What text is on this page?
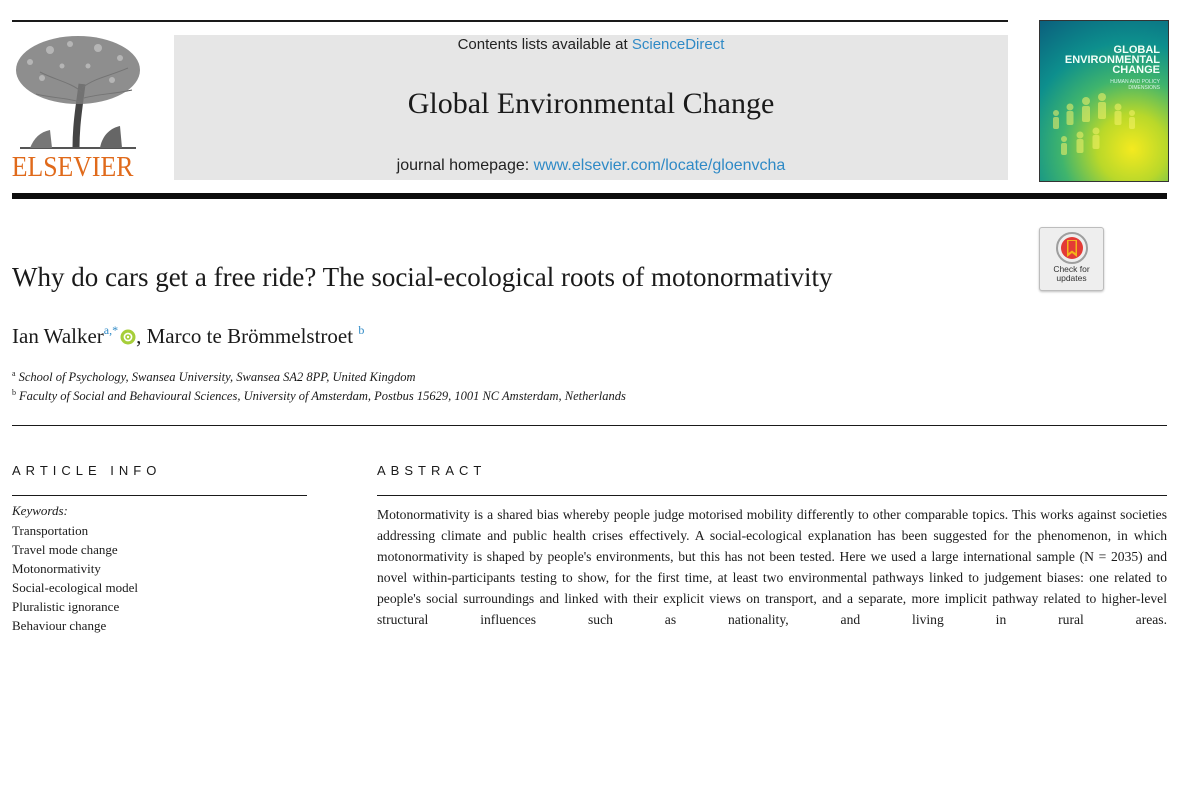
ELSEVIER
Contents lists available at ScienceDirect
Global Environmental Change
journal homepage: www.elsevier.com/locate/gloenvcha
GLOBAL
ENVIRONMENTAL
CHANGE
HUMAN AND POLICY DIMENSIONS
Check for
updates
Why do cars get a free ride? The social-ecological roots of motonormativity
Ian Walker$^{a,*}$ , Marco te Brömmelstroet $^b$
$^a$ School of Psychology, Swansea University, Swansea SA2 8PP, United Kingdom
$^b$ Faculty of Social and Behavioural Sciences, University of Amsterdam, Postbus 15629, 1001 NC Amsterdam, Netherlands
ARTICLE INFO
Keywords:
Transportation
Travel mode change
Motonormativity
Social-ecological model
Pluralistic ignorance
Behaviour change
ABSTRACT
Motonormativity is a shared bias whereby people judge motorised mobility differently to other comparable topics. This works against societies addressing climate and public health crises effectively. A social-ecological explanation has been suggested for the phenomenon, in which motonormativity is shaped by people's environments, but this has not been tested. Here we used a large international sample (N = 2035) and novel within-participants testing to show, for the first time, at least two environmental pathways linked to judgement biases: one related to people's social surroundings and linked with their explicit views on transport, and a separate, more implicit pathway related to higher-level structural influences such as nationality, and living in rural areas.
